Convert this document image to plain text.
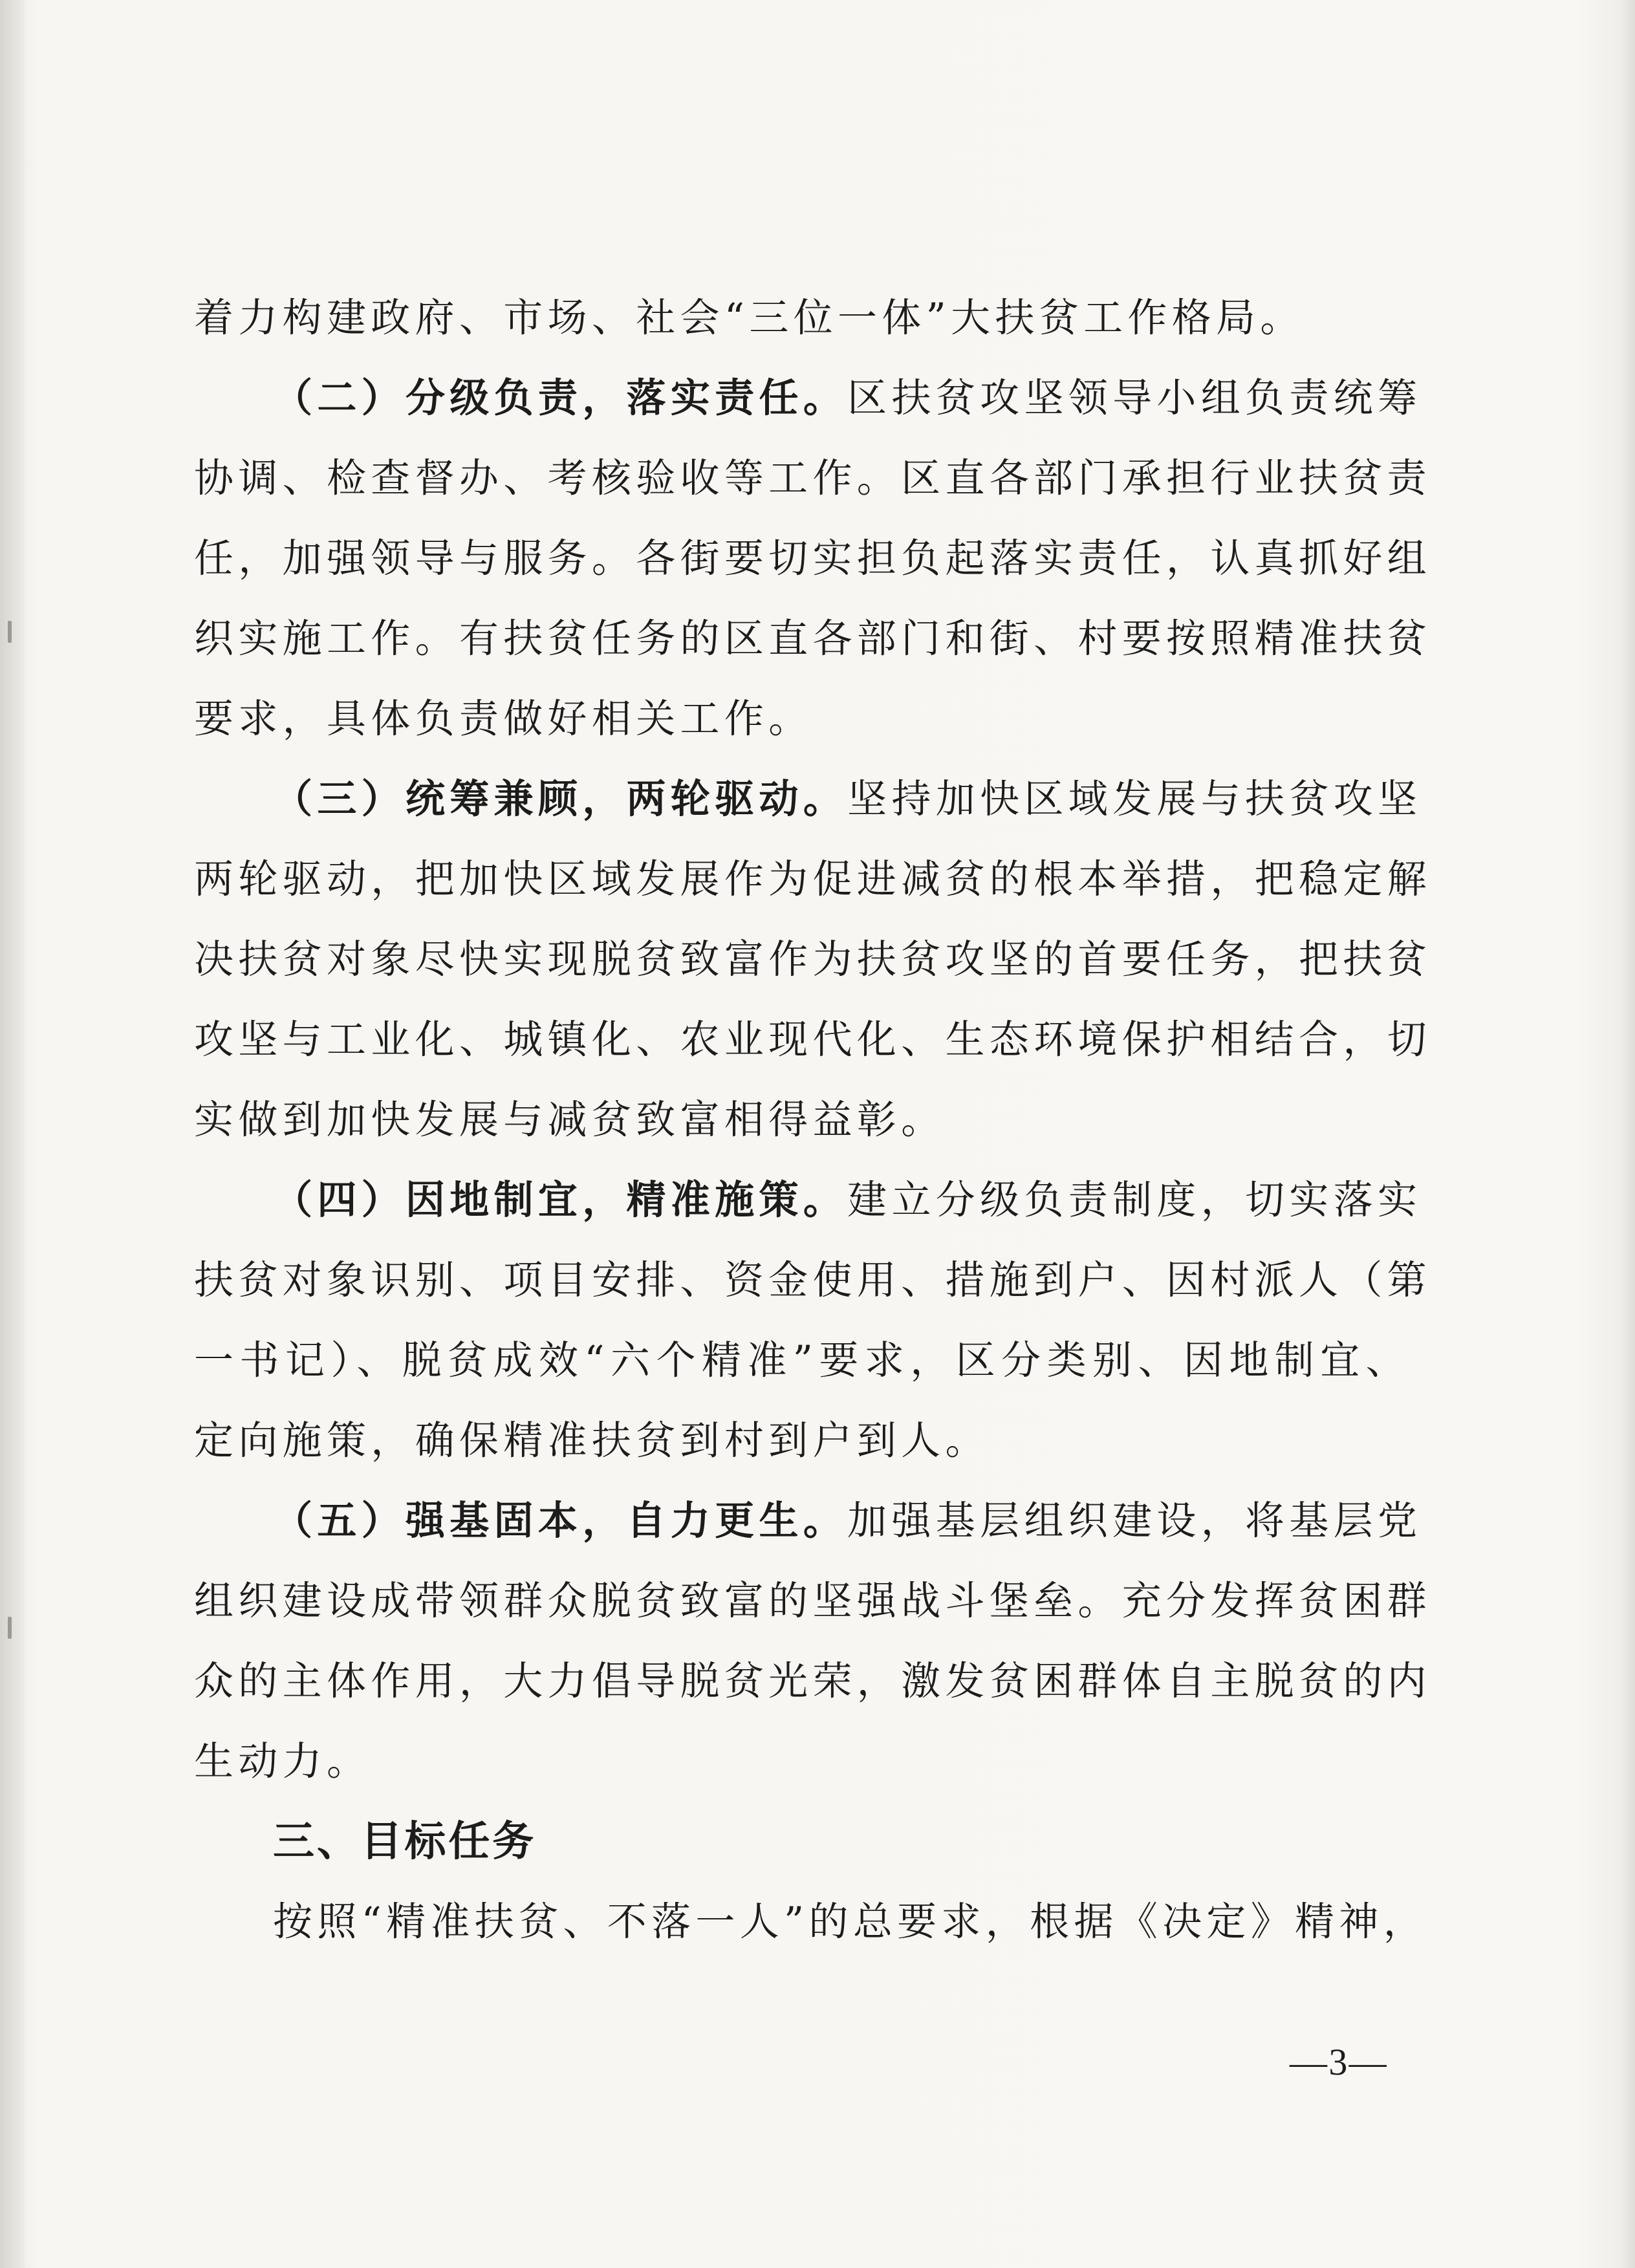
着力构建政府、市场、社会“三位一体”大扶贫工作格局。
（二）分级负责，落实责任。区扶贫攻坚领导小组负责统筹
协调、检查督办、考核验收等工作。区直各部门承担行业扶贫责
任，加强领导与服务。各街要切实担负起落实责任，认真抓好组
织实施工作。有扶贫任务的区直各部门和街、村要按照精准扶贫
要求，具体负责做好相关工作。
（三）统筹兼顾，两轮驱动。坚持加快区域发展与扶贫攻坚
两轮驱动，把加快区域发展作为促进减贫的根本举措，把稳定解
决扶贫对象尽快实现脱贫致富作为扶贫攻坚的首要任务，把扶贫
攻坚与工业化、城镇化、农业现代化、生态环境保护相结合，切
实做到加快发展与减贫致富相得益彰。
（四）因地制宜，精准施策。建立分级负责制度，切实落实
扶贫对象识别、项目安排、资金使用、措施到户、因村派人（第
一书记）、脱贫成效“六个精准”要求，区分类别、因地制宜、
定向施策，确保精准扶贫到村到户到人。
（五）强基固本，自力更生。加强基层组织建设，将基层党
组织建设成带领群众脱贫致富的坚强战斗堡垒。充分发挥贫困群
众的主体作用，大力倡导脱贫光荣，激发贫困群体自主脱贫的内
生动力。
三、目标任务
按照“精准扶贫、不落一人”的总要求，根据《决定》精神，
—3—
